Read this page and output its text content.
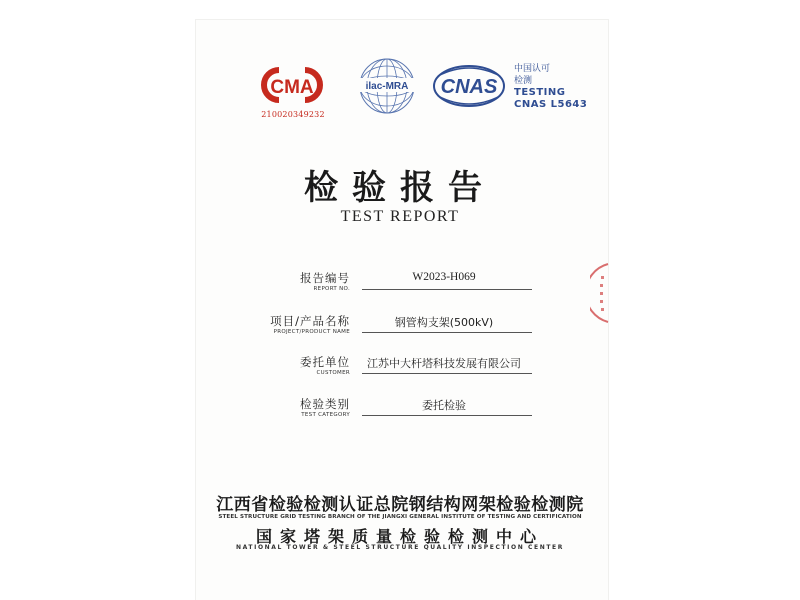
CMA
210020349232
ilac-MRA CNAS
中国认可
检测
TESTING
CNAS L5643
检验报告
TEST REPORT
报告编号
REPORT NO.
W2023-H069
项目/产品名称
PROJECT/PRODUCT NAME
钢管构支架(500kV)
委托单位
CUSTOMER
江苏中大杆塔科技发展有限公司
检验类别
TEST CATEGORY
委托检验
江西省检验检测认证总院钢结构网架检验检测院
STEEL STRUCTURE GRID TESTING BRANCH OF THE JIANGXI GENERAL INSTITUTE OF TESTING AND CERTIFICATION
国家塔架质量检验检测中心
NATIONAL TOWER & STEEL STRUCTURE QUALITY INSPECTION CENTER
